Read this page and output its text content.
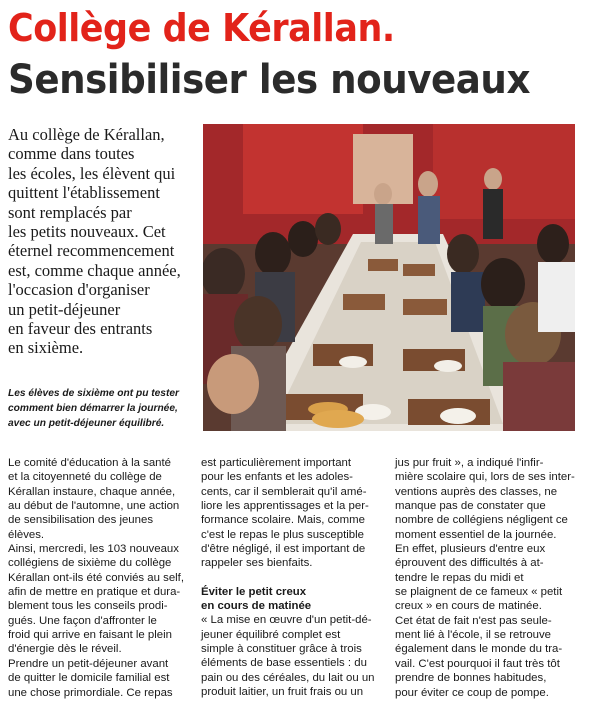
Collège de Kérallan.
Sensibiliser les nouveaux
Au collège de Kérallan,
comme dans toutes
les écoles, les élèvent qui
quittent l'établissement
sont remplacés par
les petits nouveaux. Cet
éternel recommencement
est, comme chaque année,
l'occasion d'organiser
un petit-déjeuner
en faveur des entrants
en sixième.
Les élèves de sixième ont pu tester
comment bien démarrer la journée,
avec un petit-déjeuner équilibré.
Le comité d'éducation à la santé
et la citoyenneté du collège de
Kérallan instaure, chaque année,
au début de l'automne, une action
de sensibilisation des jeunes
élèves.
Ainsi, mercredi, les 103 nouveaux
collégiens de sixième du collège
Kérallan ont-ils été conviés au self,
afin de mettre en pratique et dura-
blement tous les conseils prodi-
gués. Une façon d'affronter le
froid qui arrive en faisant le plein
d'énergie dès le réveil.
Prendre un petit-déjeuner avant
de quitter le domicile familial est
une chose primordiale. Ce repas
est particulièrement important
pour les enfants et les adoles-
cents, car il semblerait qu'il amé-
liore les apprentissages et la per-
formance scolaire. Mais, comme
c'est le repas le plus susceptible
d'être négligé, il est important de
rappeler ses bienfaits.
Éviter le petit creux
en cours de matinée
« La mise en œuvre d'un petit-dé-
jeuner équilibré complet est
simple à constituer grâce à trois
éléments de base essentiels : du
pain ou des céréales, du lait ou un
produit laitier, un fruit frais ou un
jus pur fruit », a indiqué l'infir-
mière scolaire qui, lors de ses inter-
ventions auprès des classes, ne
manque pas de constater que
nombre de collégiens négligent ce
moment essentiel de la journée.
En effet, plusieurs d'entre eux
éprouvent des difficultés à at-
tendre le repas du midi et
se plaignent de ce fameux « petit
creux » en cours de matinée.
Cet état de fait n'est pas seule-
ment lié à l'école, il se retrouve
également dans le monde du tra-
vail. C'est pourquoi il faut très tôt
prendre de bonnes habitudes,
pour éviter ce coup de pompe.
